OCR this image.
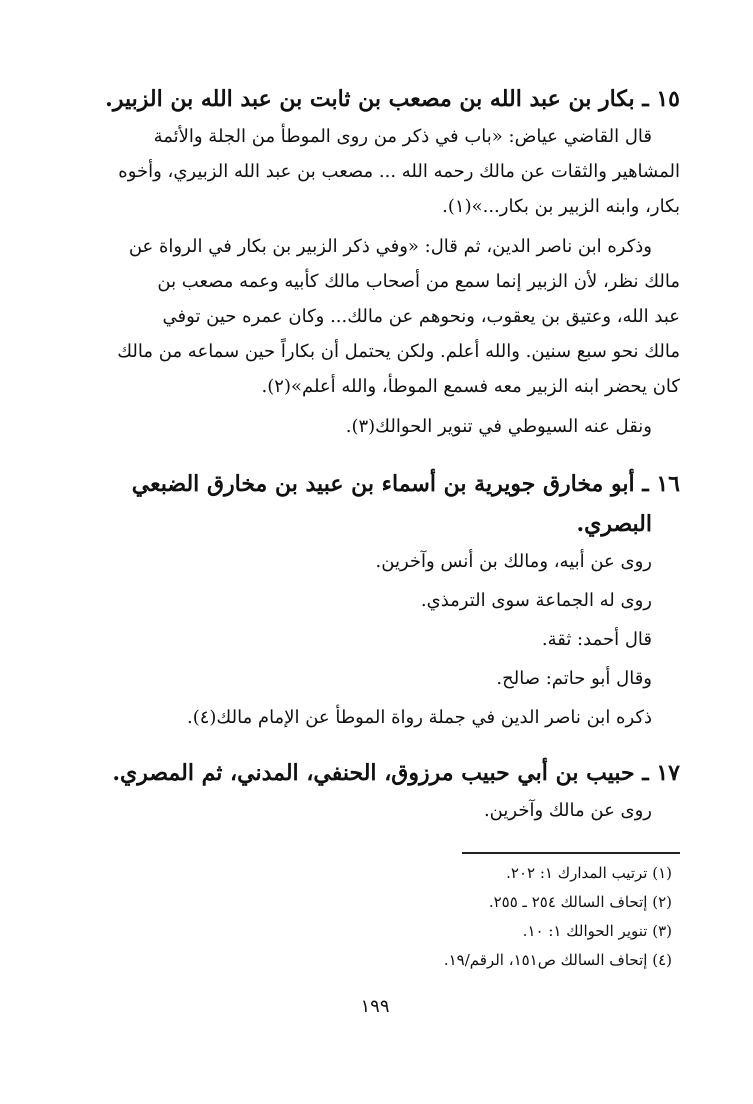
١٥ ـ بكار بن عبد الله بن مصعب بن ثابت بن عبد الله بن الزبير.

قال القاضي عياض: «باب في ذكر من روى الموطأ من الجلة والأئمة

المشاهير والثقات عن مالك رحمه الله ... مصعب بن عبد الله الزبيري، وأخوه

بكار، وابنه الزبير بن بكار...»(١).

وذكره ابن ناصر الدين، ثم قال: «وفي ذكر الزبير بن بكار في الرواة عن

مالك نظر، لأن الزبير إنما سمع من أصحاب مالك كأبيه وعمه مصعب بن

عبد الله، وعتيق بن يعقوب، ونحوهم عن مالك... وكان عمره حين توفي

مالك نحو سبع سنين. والله أعلم. ولكن يحتمل أن بكاراً حين سماعه من مالك

كان يحضر ابنه الزبير معه فسمع الموطأ، والله أعلم»(٢).

ونقل عنه السيوطي في تنوير الحوالك(٣).

١٦ ـ أبو مخارق جويرية بن أسماء بن عبيد بن مخارق الضبعي
البصري.

روى عن أبيه، ومالك بن أنس وآخرين.

روى له الجماعة سوى الترمذي.

قال أحمد: ثقة.

وقال أبو حاتم: صالح.

ذكره ابن ناصر الدين في جملة رواة الموطأ عن الإمام مالك(٤).

١٧ ـ حبيب بن أبي حبيب مرزوق، الحنفي، المدني، ثم المصري.

روى عن مالك وآخرين.

(١) ترتيب المدارك ١: ٢٠٢.

(٢) إتحاف السالك ٢٥٤ ـ ٢٥٥.

(٣) تنوير الحوالك ١: ١٠.

(٤) إتحاف السالك ص١٥١، الرقم/١٩.

١٩٩
